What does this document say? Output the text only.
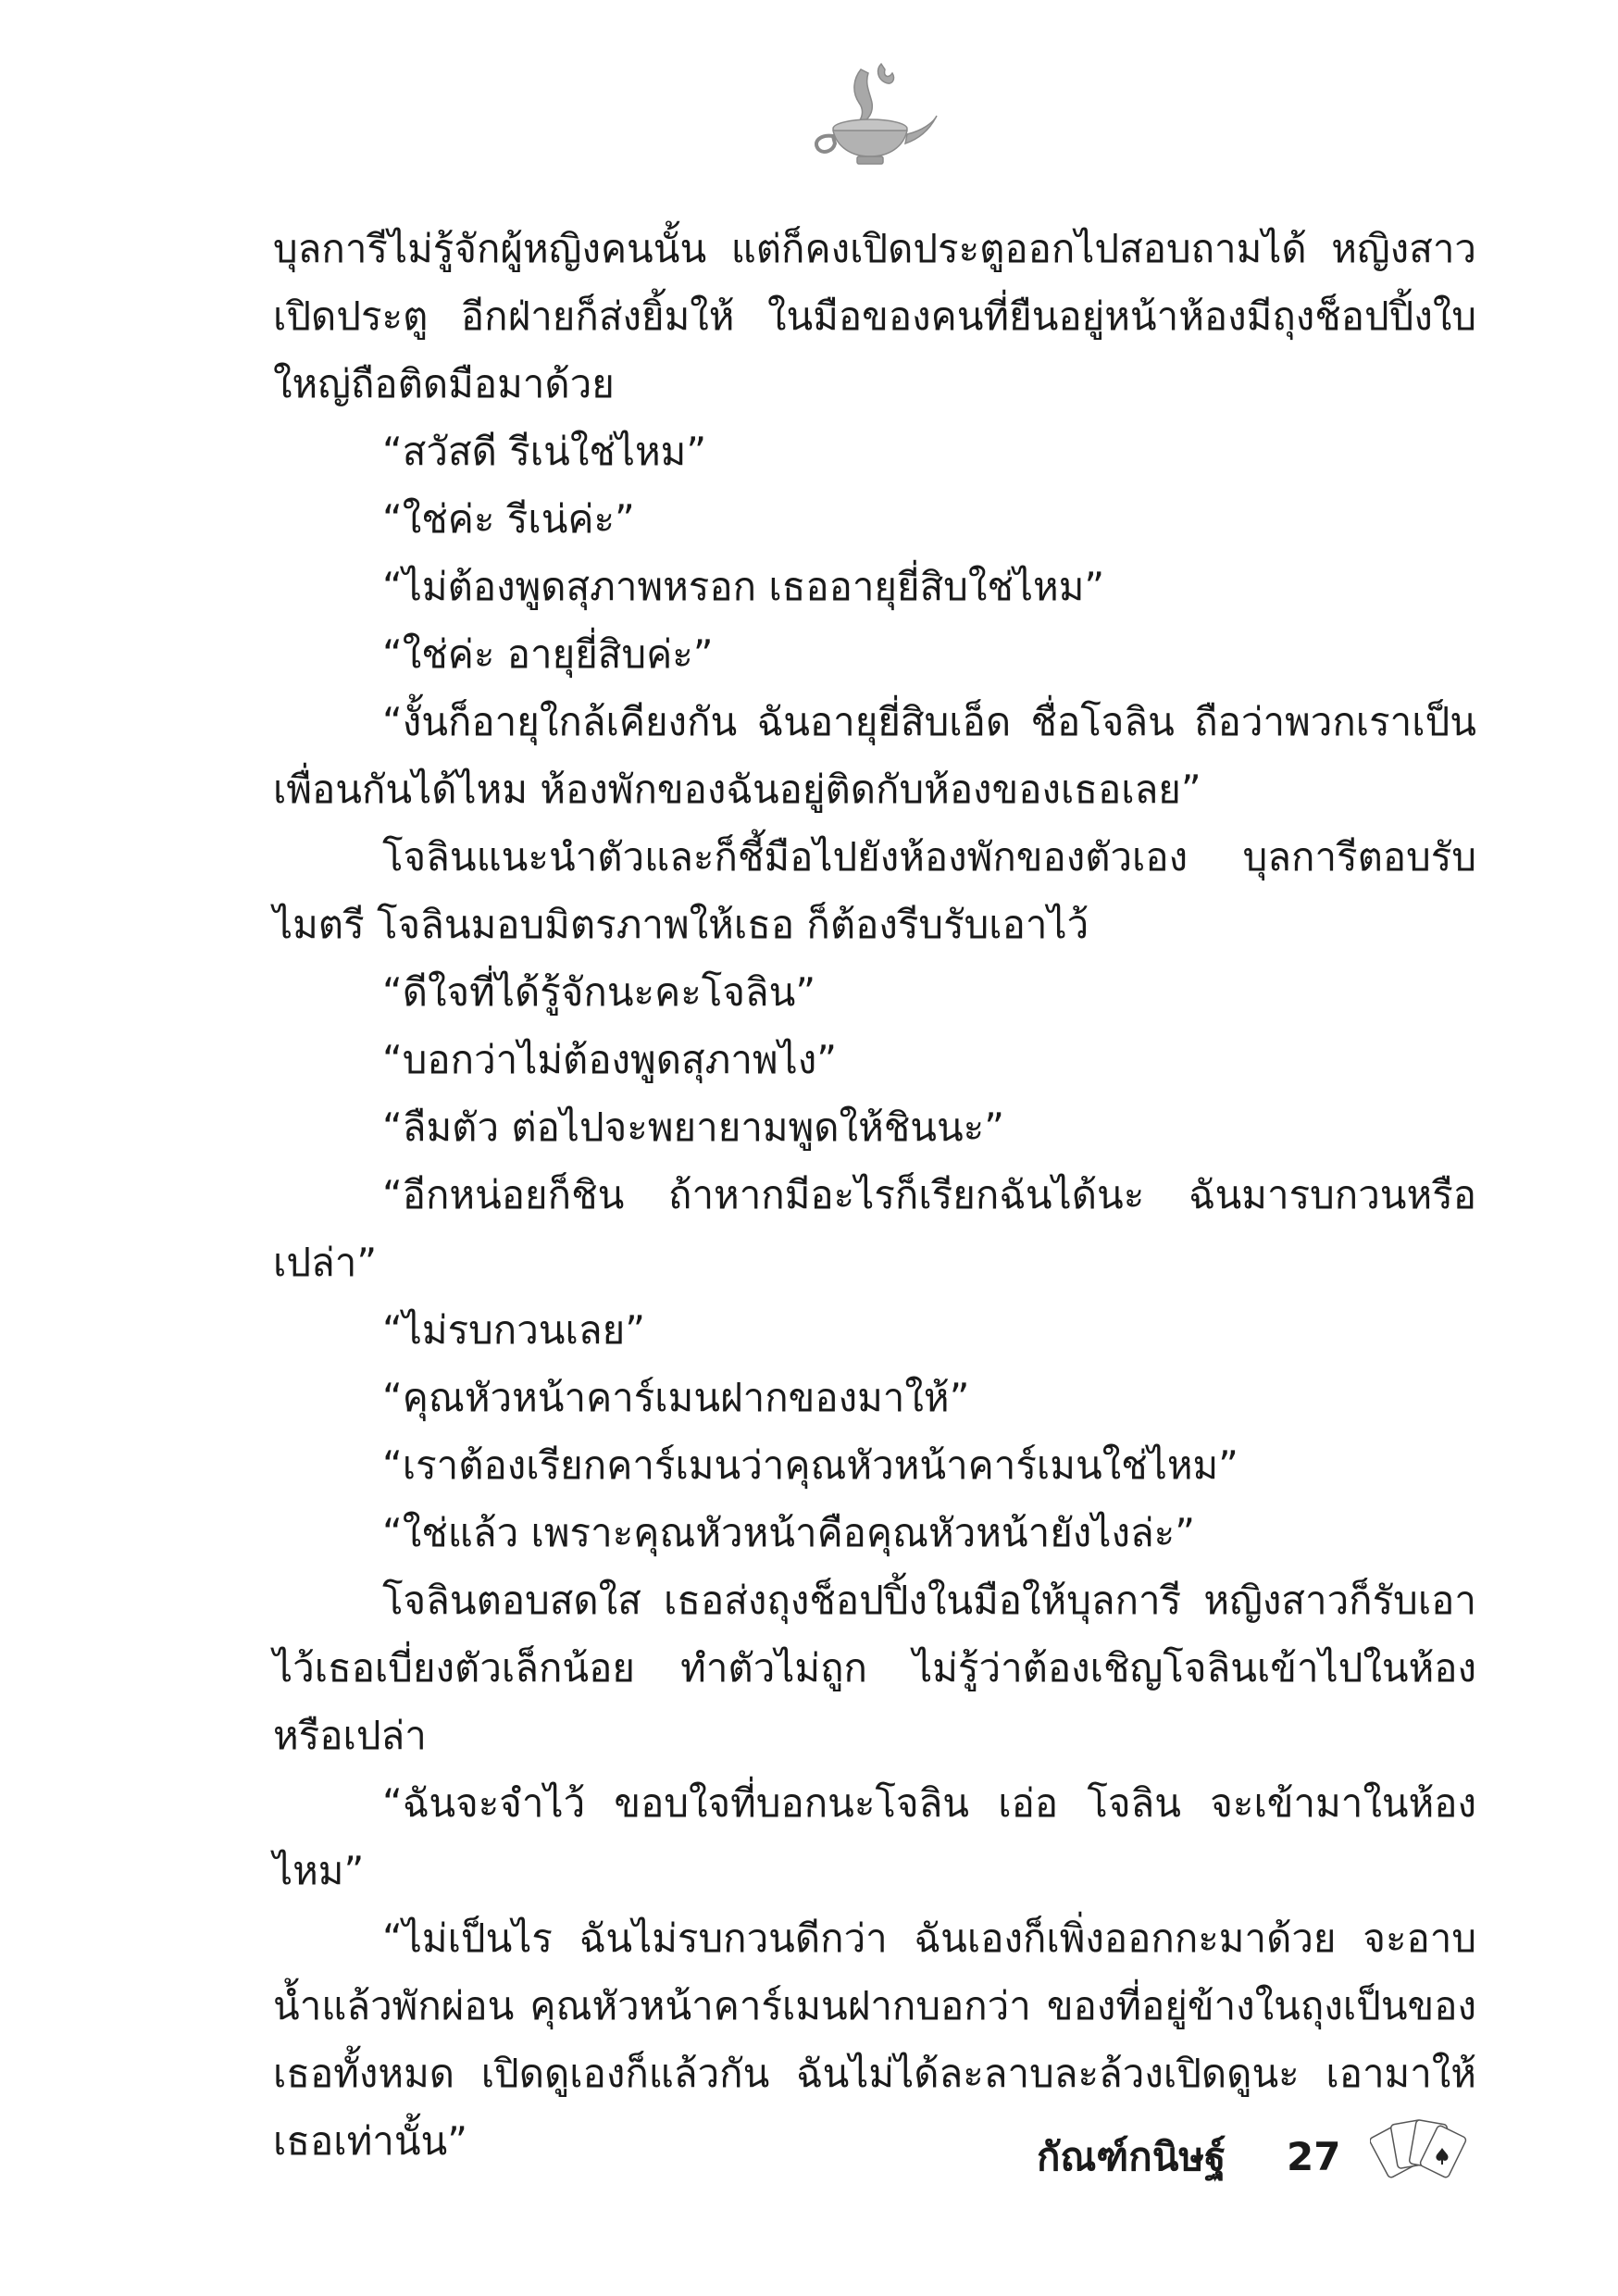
บุลการีไม่รู้จักผู้หญิงคนนั้น แต่ก็คงเปิดประตูออกไปสอบถามได้ หญิงสาวเปิดประตู อีกฝ่ายก็ส่งยิ้มให้ ในมือของคนที่ยืนอยู่หน้าห้องมีถุงช็อปปิ้งใบใหญ่ถือติดมือมาด้วย

“สวัสดี รีเน่ใช่ไหม”

“ใช่ค่ะ รีเน่ค่ะ”

“ไม่ต้องพูดสุภาพหรอก เธออายุยี่สิบใช่ไหม”

“ใช่ค่ะ อายุยี่สิบค่ะ”

“งั้นก็อายุใกล้เคียงกัน ฉันอายุยี่สิบเอ็ด ชื่อโจลิน ถือว่าพวกเราเป็นเพื่อนกันได้ไหม ห้องพักของฉันอยู่ติดกับห้องของเธอเลย”

โจลินแนะนำตัวและก็ชี้มือไปยังห้องพักของตัวเอง บุลการีตอบรับไมตรี โจลินมอบมิตรภาพให้เธอ ก็ต้องรีบรับเอาไว้

“ดีใจที่ได้รู้จักนะคะโจลิน”

“บอกว่าไม่ต้องพูดสุภาพไง”

“ลืมตัว ต่อไปจะพยายามพูดให้ชินนะ”

“อีกหน่อยก็ชิน ถ้าหากมีอะไรก็เรียกฉันได้นะ ฉันมารบกวนหรือเปล่า”

“ไม่รบกวนเลย”

“คุณหัวหน้าคาร์เมนฝากของมาให้”

“เราต้องเรียกคาร์เมนว่าคุณหัวหน้าคาร์เมนใช่ไหม”

“ใช่แล้ว เพราะคุณหัวหน้าคือคุณหัวหน้ายังไงล่ะ”

โจลินตอบสดใส เธอส่งถุงช็อปปิ้งในมือให้บุลการี หญิงสาวก็รับเอาไว้เธอเบี่ยงตัวเล็กน้อย ทำตัวไม่ถูก ไม่รู้ว่าต้องเชิญโจลินเข้าไปในห้องหรือเปล่า

“ฉันจะจำไว้ ขอบใจที่บอกนะโจลิน เอ่อ โจลิน จะเข้ามาในห้องไหม”

“ไม่เป็นไร ฉันไม่รบกวนดีกว่า ฉันเองก็เพิ่งออกกะมาด้วย จะอาบน้ำแล้วพักผ่อน คุณหัวหน้าคาร์เมนฝากบอกว่า ของที่อยู่ข้างในถุงเป็นของเธอทั้งหมด เปิดดูเองก็แล้วกัน ฉันไม่ได้ละลาบละล้วงเปิดดูนะ เอามาให้เธอเท่านั้น”	กัณฑ์กนิษฐ์ 27
